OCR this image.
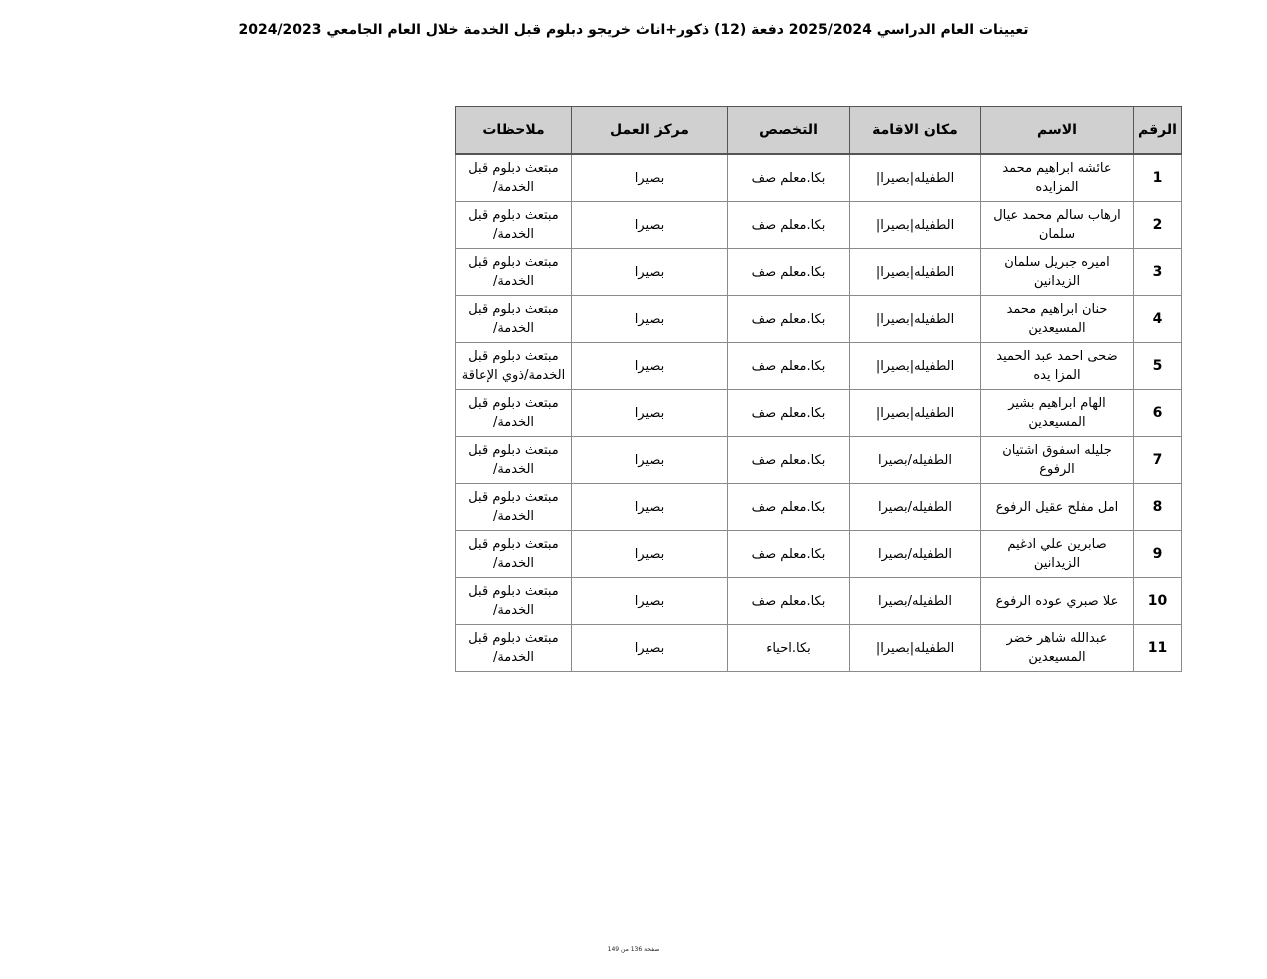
تعيينات العام الدراسي 2025/2024 دفعة (12) ذكور+اناث خريجو دبلوم قبل الخدمة خلال العام الجامعي 2024/2023
الرقم	الاسم	مكان الاقامة	التخصص	مركز العمل	ملاحظات
1	عائشه ابراهيم محمد المزايده	الطفيله|بصيرا|	بكا.معلم صف	بصيرا	مبتعث دبلوم قبل الخدمة/
2	ارهاب سالم محمد عيال سلمان	الطفيله|بصيرا|	بكا.معلم صف	بصيرا	مبتعث دبلوم قبل الخدمة/
3	اميره جبريل سلمان الزيدانين	الطفيله|بصيرا|	بكا.معلم صف	بصيرا	مبتعث دبلوم قبل الخدمة/
4	حنان ابراهيم محمد المسيعدين	الطفيله|بصيرا|	بكا.معلم صف	بصيرا	مبتعث دبلوم قبل الخدمة/
5	ضحى احمد عبد الحميد المزا يده	الطفيله|بصيرا|	بكا.معلم صف	بصيرا	مبتعث دبلوم قبل الخدمة/ذوي الإعاقة
6	الهام ابراهيم بشير المسيعدين	الطفيله|بصيرا|	بكا.معلم صف	بصيرا	مبتعث دبلوم قبل الخدمة/
7	جليله اسفوق اشتيان الرفوع	الطفيله/بصيرا	بكا.معلم صف	بصيرا	مبتعث دبلوم قبل الخدمة/
8	امل مفلح عقيل الرفوع	الطفيله/بصيرا	بكا.معلم صف	بصيرا	مبتعث دبلوم قبل الخدمة/
9	صابرين علي ادغيم الزيدانين	الطفيله/بصيرا	بكا.معلم صف	بصيرا	مبتعث دبلوم قبل الخدمة/
10	علا صبري عوده الرفوع	الطفيله/بصيرا	بكا.معلم صف	بصيرا	مبتعث دبلوم قبل الخدمة/
11	عبدالله شاهر خضر المسيعدين	الطفيله|بصيرا|	بكا.احياء	بصيرا	مبتعث دبلوم قبل الخدمة/
صفحة 136 من 149
